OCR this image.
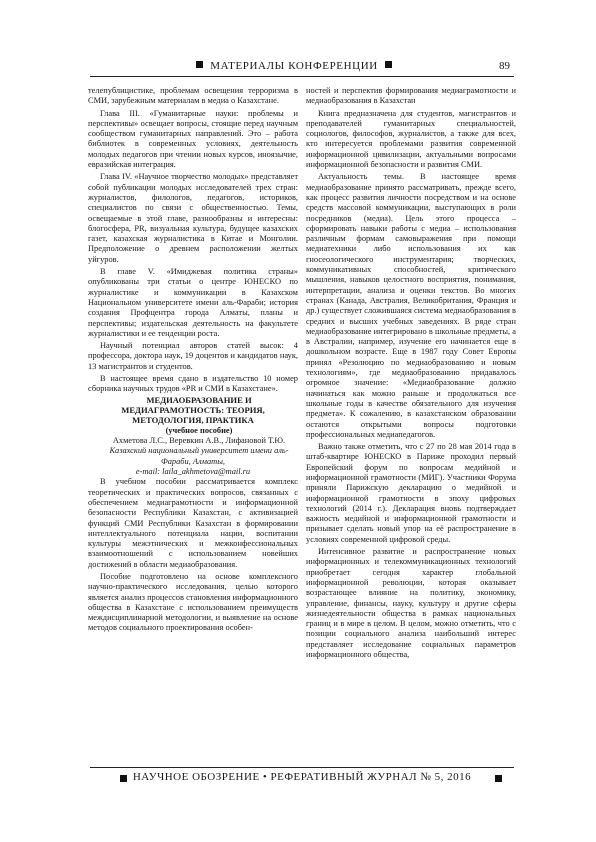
МАТЕРИАЛЫ КОНФЕРЕНЦИИ	89

телепублицистике, проблемам освещения терроризма в СМИ, зарубежным материалам в медиа о Казахстане.

Глава III. «Гуманитарные науки: проблемы и перспективы» освещает вопросы, стоящие перед научным сообществом гуманитарных направлений. Это – работа библиотек в современных условиях, деятельность молодых педагогов при чтении новых курсов, иноязычие, евразийская интеграция.

Глава IV. «Научное творчество молодых» представляет собой публикации молодых исследователей трех стран: журналистов, филологов, педагогов, историков, специалистов по связи с общественностью. Темы, освещаемые в этой главе, разнообразны и интересны: блогосфера, PR, визуальная культура, будущее казахских газет, казахская журналистика в Китае и Монголии. Предположение о древнем расположении желтых уйгуров.

В главе V. «Имиджевая политика страны» опубликованы три статьи о центре ЮНЕСКО по журналистике и коммуникации в Казахском Национальном университете имени аль-Фараби; история создания Профцентра города Алматы, планы и перспективы; издательская деятельность на факультете журналистики и ее тенденции роста.

Научный потенциал авторов статей высок: 4 профессора, доктора наук, 19 доцентов и кандидатов наук, 13 магистрантов и студентов.

В настоящее время сдано в издательство 10 номер сборника научных трудов «PR и СМИ в Казахстане».

МЕДИАОБРАЗОВАНИЕ И МЕДИАГРАМОТНОСТЬ: ТЕОРИЯ, МЕТОДОЛОГИЯ, ПРАКТИКА

(учебное пособие)

Ахметова Л.С., Веревкин А.В., Лифановой Т.Ю.

Казахский национальный университет имени аль-Фараби, Алматы,
e-mail: laila_akhmetova@mail.ru

В учебном пособии рассматривается комплекс теоретических и практических вопросов, связанных с обеспечением медиаграмотности и информационной безопасности Республики Казахстан, с активизацией функций СМИ Республики Казахстан в формировании интеллектуального потенциала нации, воспитании культуры межэтнических и межконфессиональных взаимоотношений с использованием новейших достижений в области медиаобразования.

Пособие подготовлено на основе комплексного научно-практического исследования, целью которого является анализ процессов становления информационного общества в Казахстане с использованием преимуществ междисциплинарной методологии, и выявление на основе методов социального проектирования особен-

ностей и перспектив формирования медиаграмотности и медиаобразования в Казахстан

Книга предназначена для студентов, магистрантов и преподавателей гуманитарных специальностей, социологов, философов, журналистов, а также для всех, кто интересуется проблемами развития современной информационной цивилизации, актуальными вопросами информационной безопасности и развития СМИ.

Актуальность темы. В настоящее время медиаобразование принято рассматривать, прежде всего, как процесс развития личности посредством и на основе средств массовой коммуникации, выступающих в роли посредников (медиа). Цель этого процесса – сформировать навыки работы с медиа – использования различным формам самовыражения при помощи медиатехники либо использования их как гносеологического инструментария; творческих, коммуникативных способностей, критического мышления, навыков целостного восприятия, понимания, интерпретации, анализа и оценки текстов. Во многих странах (Канада, Австралия, Великобритания, Франция и др.) существует сложившаяся система медиаобразования в средних и высших учебных заведениях. В ряде стран медиаобразование интегрировано в школьные предметы, а в Австралии, например, изучение его начинается еще в дошкольном возрасте. Еще в 1987 году Совет Европы принял «Резолюцию по медиаобразованию и новым технологиям», где медиаобразованию придавалось огромное значение: «Медиаобразование должно начинаться как можно раньше и продолжаться все школьные годы в качестве обязательного для изучения предмета». К сожалению, в казахстанском образовании остаются открытыми вопросы подготовки профессиональных медиапедагогов.

Важно также отметить, что с 27 по 28 мая 2014 года в штаб-квартире ЮНЕСКО в Париже проходил первый Европейский форум по вопросам медийной и информационной грамотности (МИГ). Участники Форума приняли Парижскую декларацию о медийной и информационной грамотности в эпоху цифровых технологий (2014 г.). Декларация вновь подтверждает важность медийной и информационной грамотности и призывает сделать новый упор на её распространение в условиях современной цифровой среды.

Интенсивное развитие и распространение новых информационных и телекоммуникационных технологий приобретает сегодня характер глобальной информационной революции, которая оказывает возрастающее влияние на политику, экономику, управление, финансы, науку, культуру и другие сферы жизнедеятельности общества в рамках национальных границ и в мире в целом. В целом, можно отметить, что с позиции социального анализа наибольший интерес представляет исследование социальных параметров информационного общества,

НАУЧНОЕ ОБОЗРЕНИЕ • РЕФЕРАТИВНЫЙ ЖУРНАЛ № 5, 2016
